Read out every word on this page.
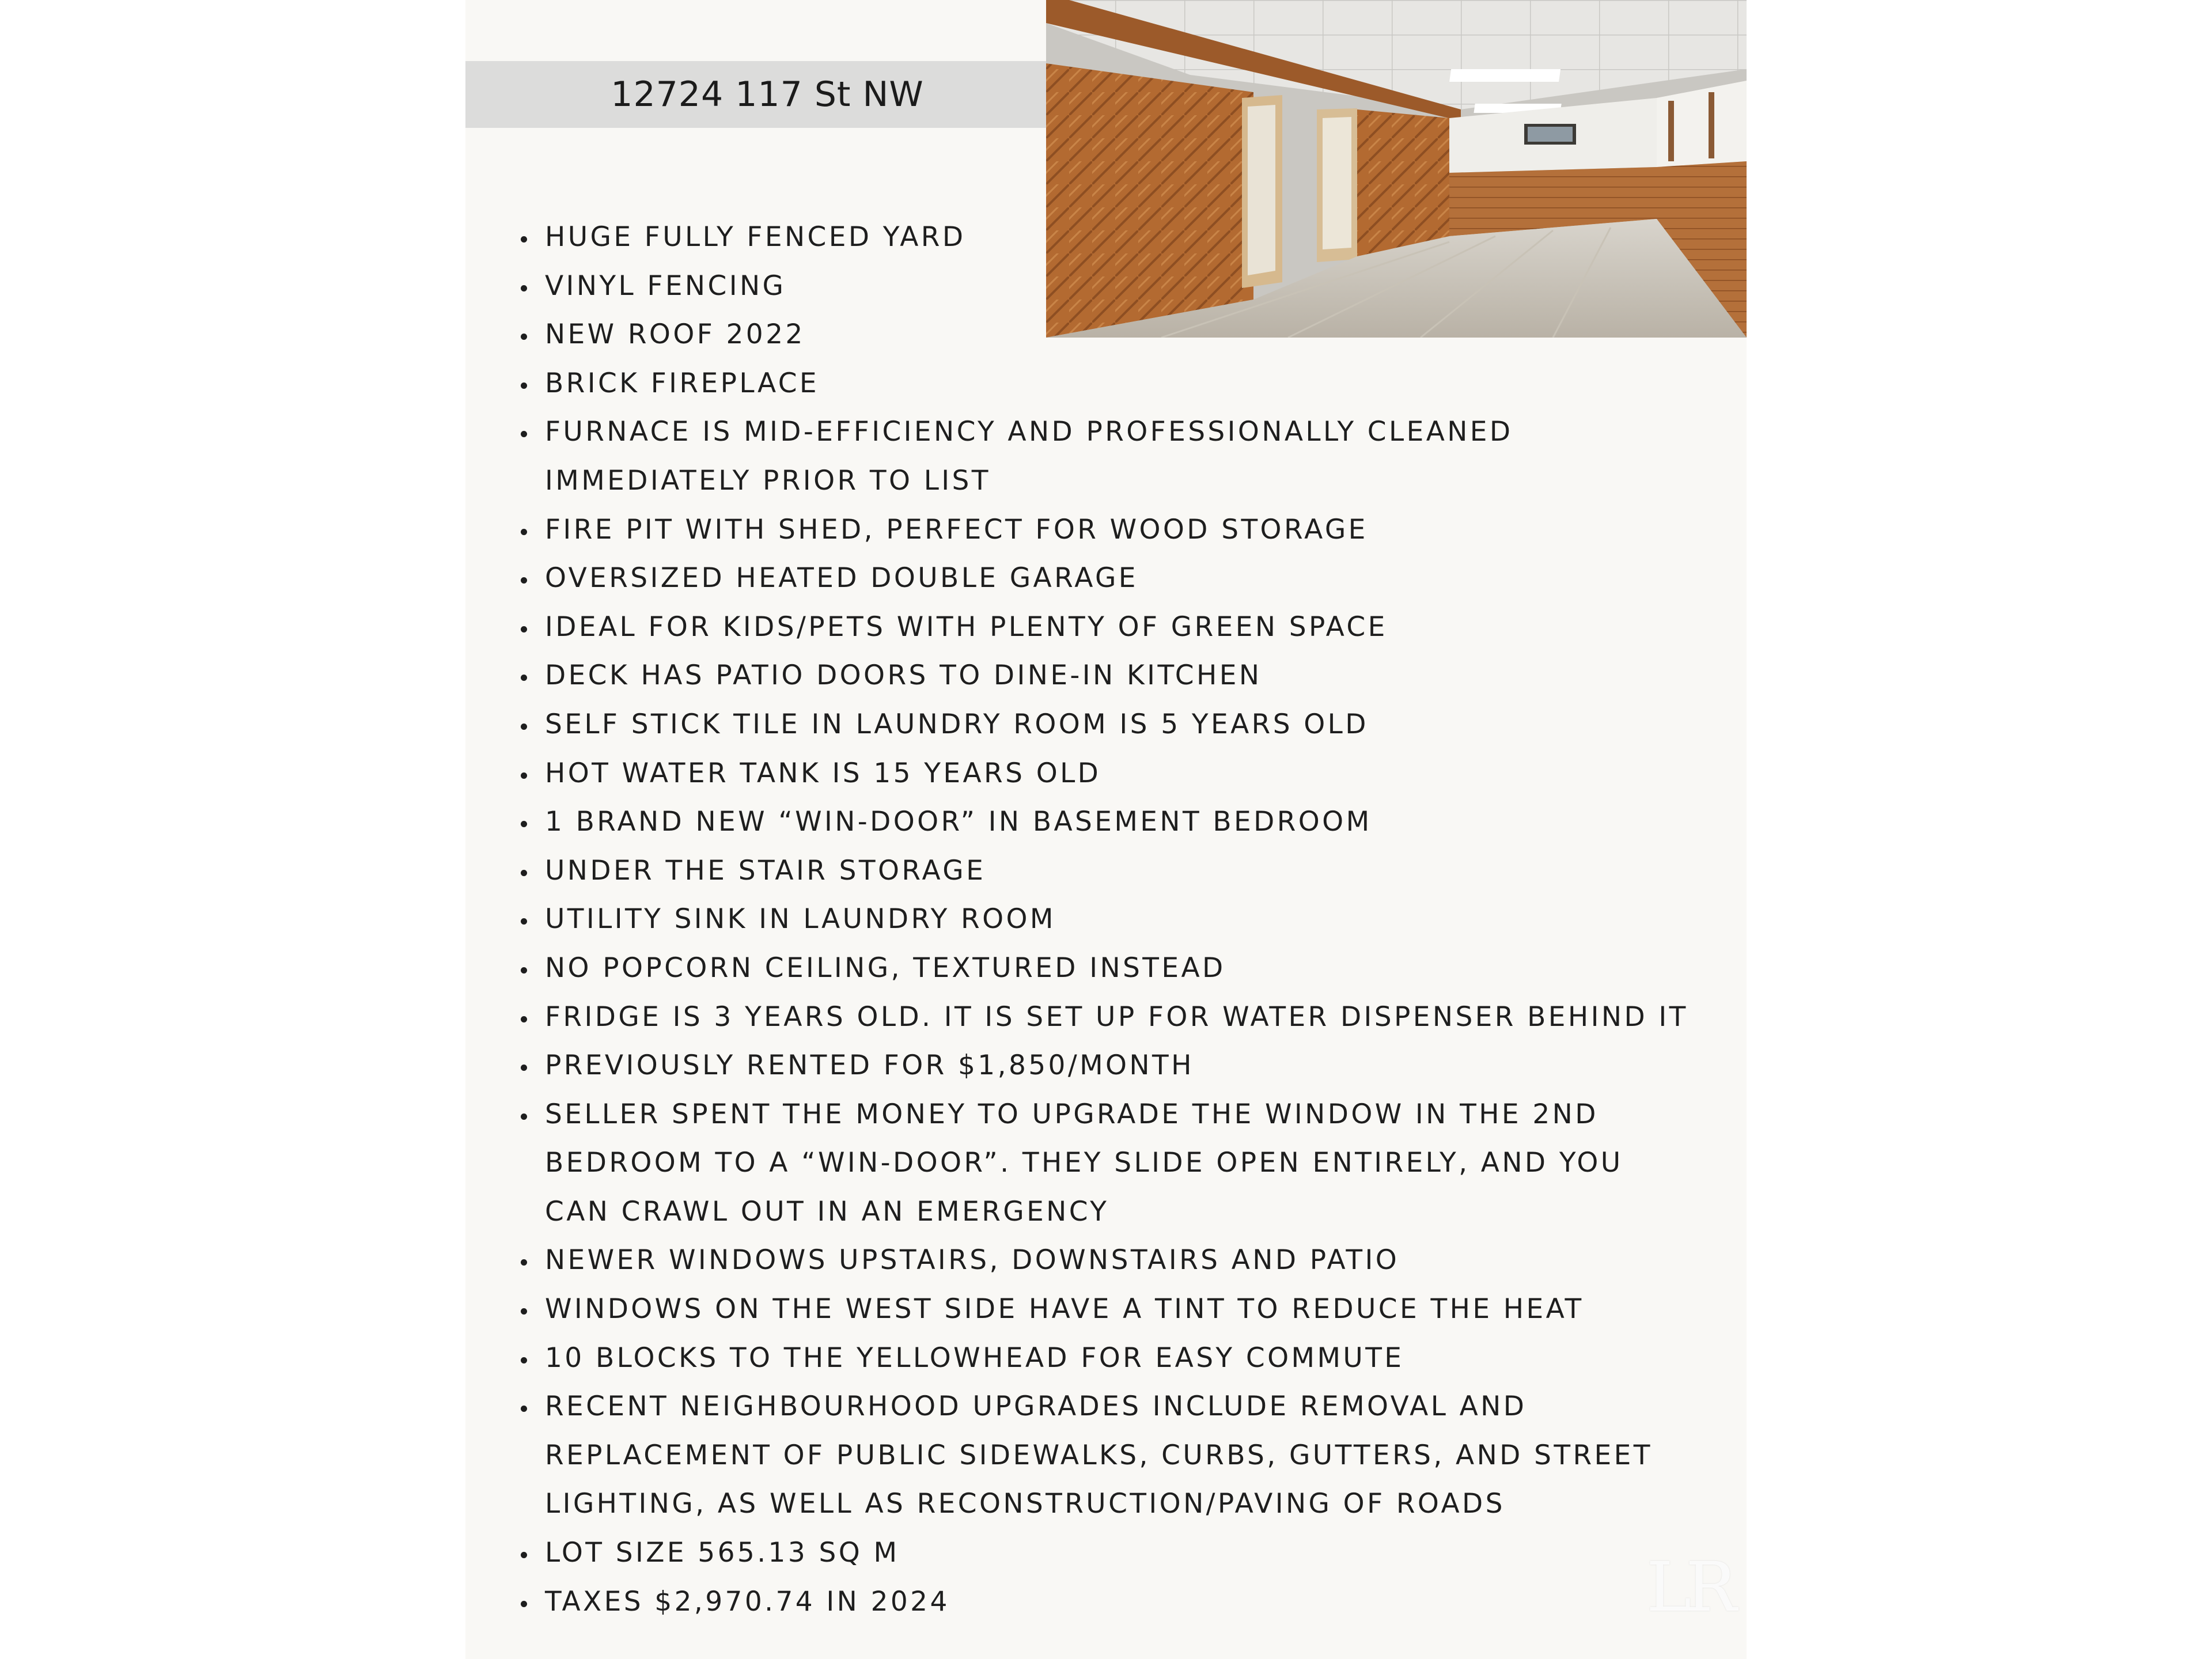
12724 117 St NW
HUGE FULLY FENCED YARD
VINYL FENCING
NEW ROOF 2022
BRICK FIREPLACE
FURNACE IS MID-EFFICIENCY AND PROFESSIONALLY CLEANED
IMMEDIATELY PRIOR TO LIST
FIRE PIT WITH SHED, PERFECT FOR WOOD STORAGE
OVERSIZED HEATED DOUBLE GARAGE
IDEAL FOR KIDS/PETS WITH PLENTY OF GREEN SPACE
DECK HAS PATIO DOORS TO DINE-IN KITCHEN
SELF STICK TILE IN LAUNDRY ROOM IS 5 YEARS OLD
HOT WATER TANK IS 15 YEARS OLD
1 BRAND NEW “WIN-DOOR” IN BASEMENT BEDROOM
UNDER THE STAIR STORAGE
UTILITY SINK IN LAUNDRY ROOM
NO POPCORN CEILING, TEXTURED INSTEAD
FRIDGE IS 3 YEARS OLD. IT IS SET UP FOR WATER DISPENSER BEHIND IT
PREVIOUSLY RENTED FOR $1,850/MONTH
SELLER SPENT THE MONEY TO UPGRADE THE WINDOW IN THE 2ND
BEDROOM TO A “WIN-DOOR”. THEY SLIDE OPEN ENTIRELY, AND YOU
CAN CRAWL OUT IN AN EMERGENCY
NEWER WINDOWS UPSTAIRS, DOWNSTAIRS AND PATIO
WINDOWS ON THE WEST SIDE HAVE A TINT TO REDUCE THE HEAT
10 BLOCKS TO THE YELLOWHEAD FOR EASY COMMUTE
RECENT NEIGHBOURHOOD UPGRADES INCLUDE REMOVAL AND
REPLACEMENT OF PUBLIC SIDEWALKS, CURBS, GUTTERS, AND STREET
LIGHTING, AS WELL AS RECONSTRUCTION/PAVING OF ROADS
LOT SIZE 565.13 SQ M
TAXES $2,970.74 IN 2024	LR
